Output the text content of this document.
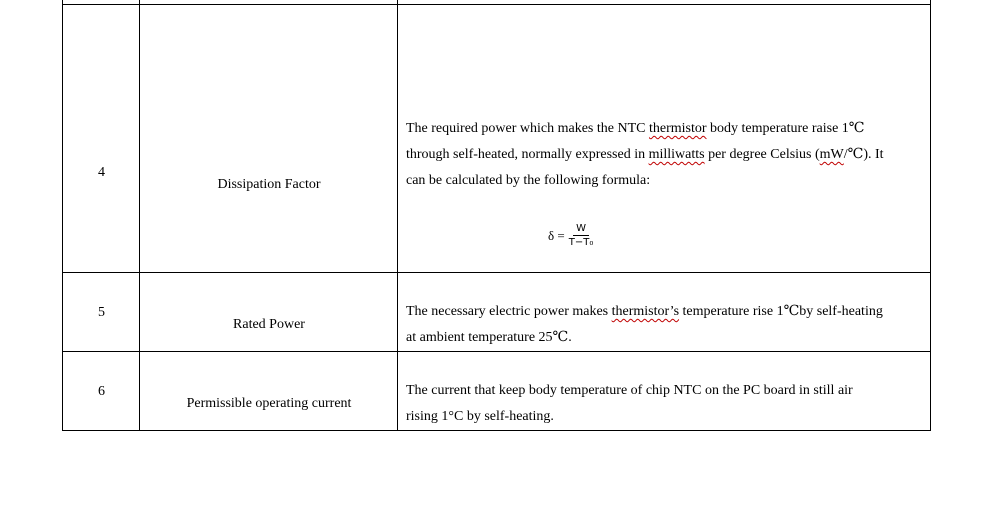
4
Dissipation Factor
The required power which makes the NTC thermistor body temperature raise 1℃
through self-heated, normally expressed in milliwatts per degree Celsius (mW/℃). It
can be calculated by the following formula:
$\delta = \frac{W}{\text{T−T₀}}$
5
Rated Power
The necessary electric power makes thermistor’s temperature rise 1℃by self-heating
at ambient temperature 25℃.
6
Permissible operating current
The current that keep body temperature of chip NTC on the PC board in still air
rising 1°C by self-heating.
